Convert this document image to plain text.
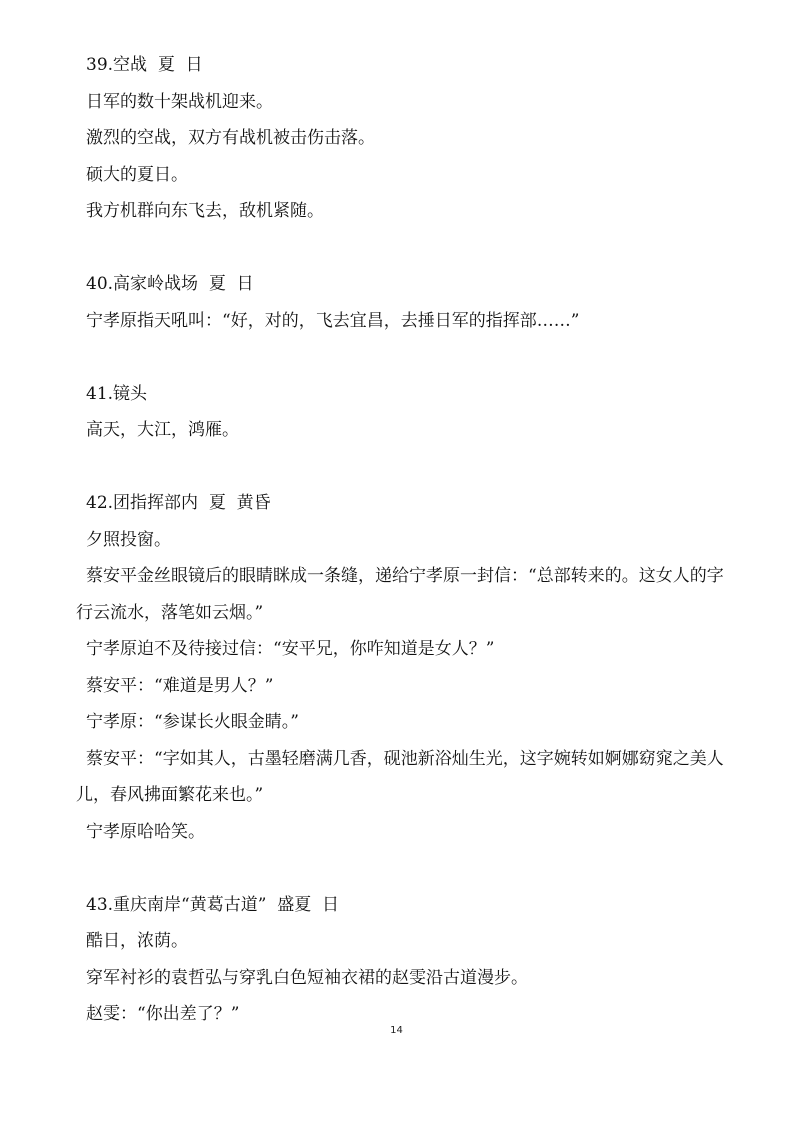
39.空战  夏  日
日军的数十架战机迎来。
激烈的空战，双方有战机被击伤击落。
硕大的夏日。
我方机群向东飞去，敌机紧随。
40.高家岭战场  夏  日
宁孝原指天吼叫：“好，对的，飞去宜昌，去捶日军的指挥部……”
41.镜头
高天，大江，鸿雁。
42.团指挥部内  夏  黄昏
夕照投窗。
蔡安平金丝眼镜后的眼睛眯成一条缝，递给宁孝原一封信：“总部转来的。这女人的字行云流水，落笔如云烟。”
宁孝原迫不及待接过信：“安平兄，你咋知道是女人？”
蔡安平：“难道是男人？”
宁孝原：“参谋长火眼金睛。”
蔡安平：“字如其人，古墨轻磨满几香，砚池新浴灿生光，这字婉转如婀娜窈窕之美人儿，春风拂面繁花来也。”
宁孝原哈哈笑。
43.重庆南岸“黄葛古道”  盛夏  日
酷日，浓荫。
穿军衬衫的袁哲弘与穿乳白色短袖衣裙的赵雯沿古道漫步。
赵雯：“你出差了？”
14
